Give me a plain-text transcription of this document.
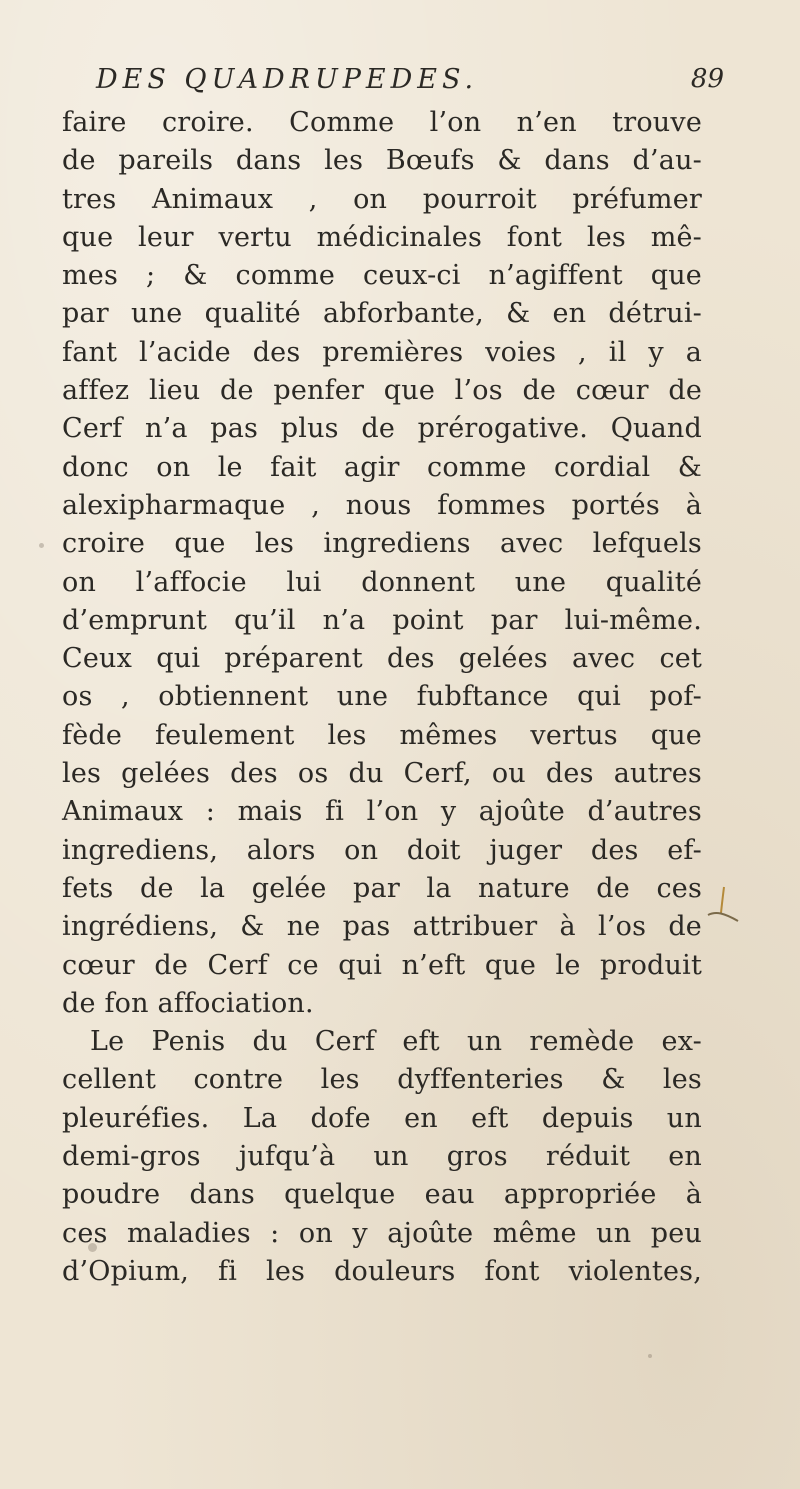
DES QUADRUPEDES.	89
faire croire. Comme l’on n’en trouve
de pareils dans les Bœufs & dans d’au-
tres Animaux , on pourroit préfumer
que leur vertu médicinales font les mê-
mes ; & comme ceux-ci n’agiffent que
par une qualité abforbante, & en détrui-
fant l’acide des premières voies , il y a
affez lieu de penfer que l’os de cœur de
Cerf n’a pas plus de prérogative. Quand
donc on le fait agir comme cordial &
alexipharmaque , nous fommes portés à
croire que les ingrediens avec lefquels
on l’affocie lui donnent une qualité
d’emprunt qu’il n’a point par lui-même.
Ceux qui préparent des gelées avec cet
os , obtiennent une fubftance qui pof-
fède feulement les mêmes vertus que
les gelées des os du Cerf, ou des autres
Animaux : mais fi l’on y ajoûte d’autres
ingrediens, alors on doit juger des ef-
fets de la gelée par la nature de ces
ingrédiens, & ne pas attribuer à l’os de
cœur de Cerf ce qui n’eft que le produit
de fon affociation.
Le Penis du Cerf eft un remède ex-
cellent contre les dyffenteries & les
pleuréfies. La dofe en eft depuis un
demi-gros jufqu’à un gros réduit en
poudre dans quelque eau appropriée à
ces maladies : on y ajoûte même un peu
d’Opium, fi les douleurs font violentes,
